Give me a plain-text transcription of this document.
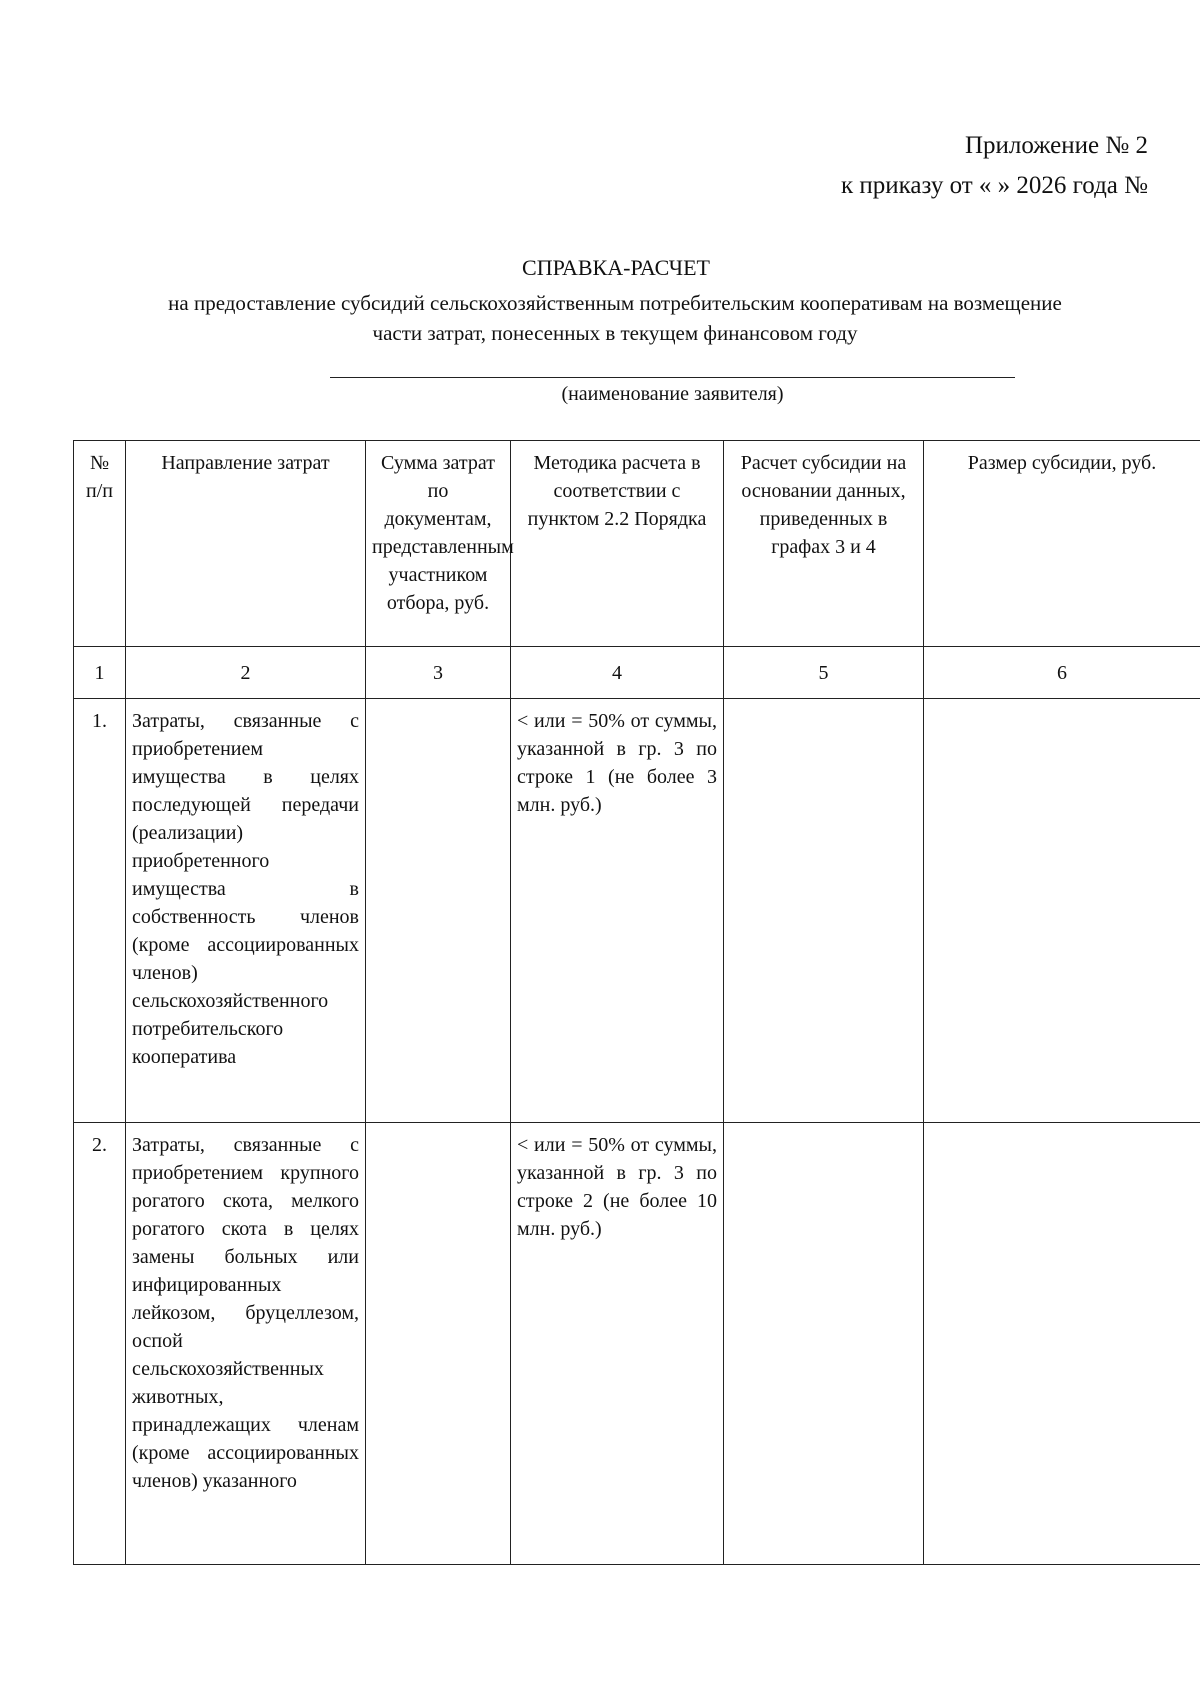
Приложение № 2
к приказу от « » 2026 года №
СПРАВКА-РАСЧЕТ
на предоставление субсидий сельскохозяйственным потребительским кооперативам на возмещение части затрат, понесенных в текущем финансовом году
(наименование заявителя)
№ п/п	Направление затрат	Сумма затрат по документам, представленным участником отбора, руб.	Методика расчета в соответствии с пунктом 2.2 Порядка	Расчет субсидии на основании данных, приведенных в графах 3 и 4	Размер субсидии, руб.
1	2	3	4	5	6
1.	Затраты, связанные с приобретением имущества в целях последующей передачи (реализации) приобретенного имущества в собственность членов (кроме ассоциированных членов) сельскохозяйственного потребительского кооператива		< или = 50% от суммы, указанной в гр. 3 по строке 1 (не более 3 млн. руб.)		
2.	Затраты, связанные с приобретением крупного рогатого скота, мелкого рогатого скота в целях замены больных или инфицированных лейкозом, бруцеллезом, оспой сельскохозяйственных животных, принадлежащих членам (кроме ассоциированных членов) указанного		< или = 50% от суммы, указанной в гр. 3 по строке 2 (не более 10 млн. руб.)		
